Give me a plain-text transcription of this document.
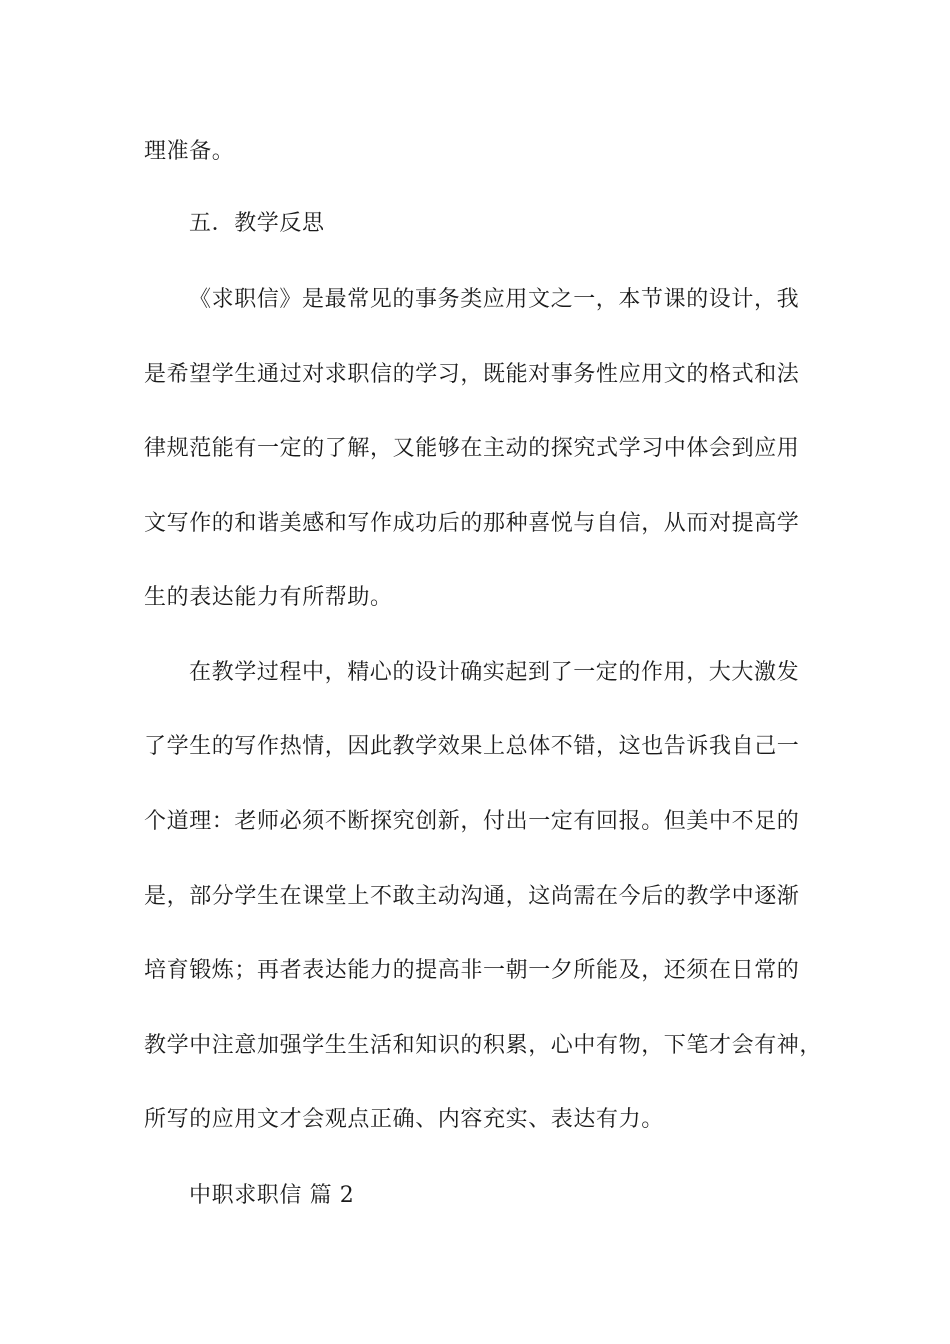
理准备。
五．教学反思
《求职信》是最常见的事务类应用文之一，本节课的设计，我
是希望学生通过对求职信的学习，既能对事务性应用文的格式和法
律规范能有一定的了解，又能够在主动的探究式学习中体会到应用
文写作的和谐美感和写作成功后的那种喜悦与自信，从而对提高学
生的表达能力有所帮助。
在教学过程中，精心的设计确实起到了一定的作用，大大激发
了学生的写作热情，因此教学效果上总体不错，这也告诉我自己一
个道理：老师必须不断探究创新，付出一定有回报。但美中不足的
是，部分学生在课堂上不敢主动沟通，这尚需在今后的教学中逐渐
培育锻炼；再者表达能力的提高非一朝一夕所能及，还须在日常的
教学中注意加强学生生活和知识的积累，心中有物，下笔才会有神，
所写的应用文才会观点正确、内容充实、表达有力。
中职求职信 篇 2
